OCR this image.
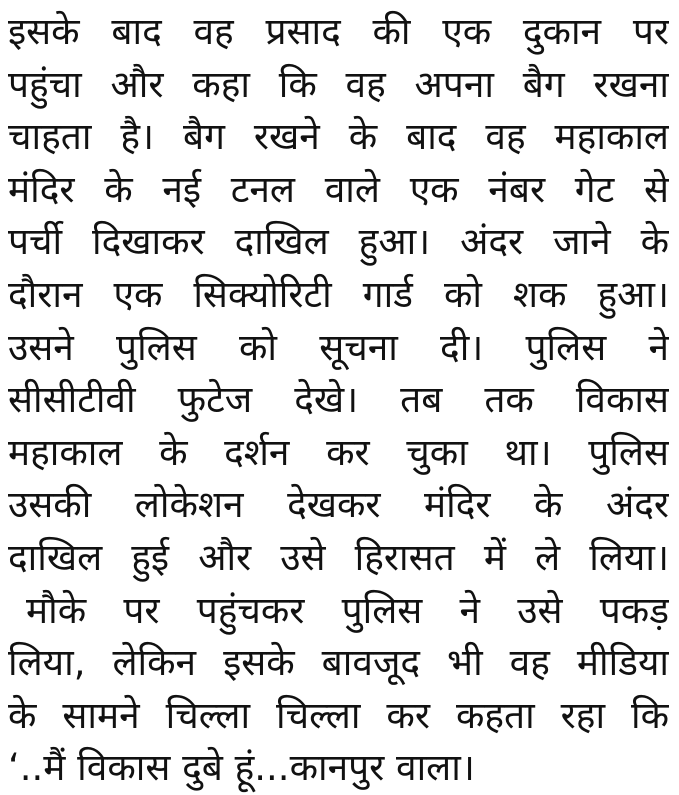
इसके बाद वह प्रसाद की एक दुकान पर
पहुंचा और कहा कि वह अपना बैग रखना
चाहता है। बैग रखने के बाद वह महाकाल
मंदिर के नई टनल वाले एक नंबर गेट से
पर्ची दिखाकर दाखिल हुआ। अंदर जाने के
दौरान एक सिक्योरिटी गार्ड को शक हुआ।
उसने पुलिस को सूचना दी। पुलिस ने
सीसीटीवी फुटेज देखे। तब तक विकास
महाकाल के दर्शन कर चुका था। पुलिस
उसकी लोकेशन देखकर मंदिर के अंदर
दाखिल हुई और उसे हिरासत में ले लिया।
मौके पर पहुंचकर पुलिस ने उसे पकड़
लिया, लेकिन इसके बावजूद भी वह मीडिया
के सामने चिल्ला चिल्ला कर कहता रहा कि
‘..मैं विकास दुबे हूं...कानपुर वाला।
